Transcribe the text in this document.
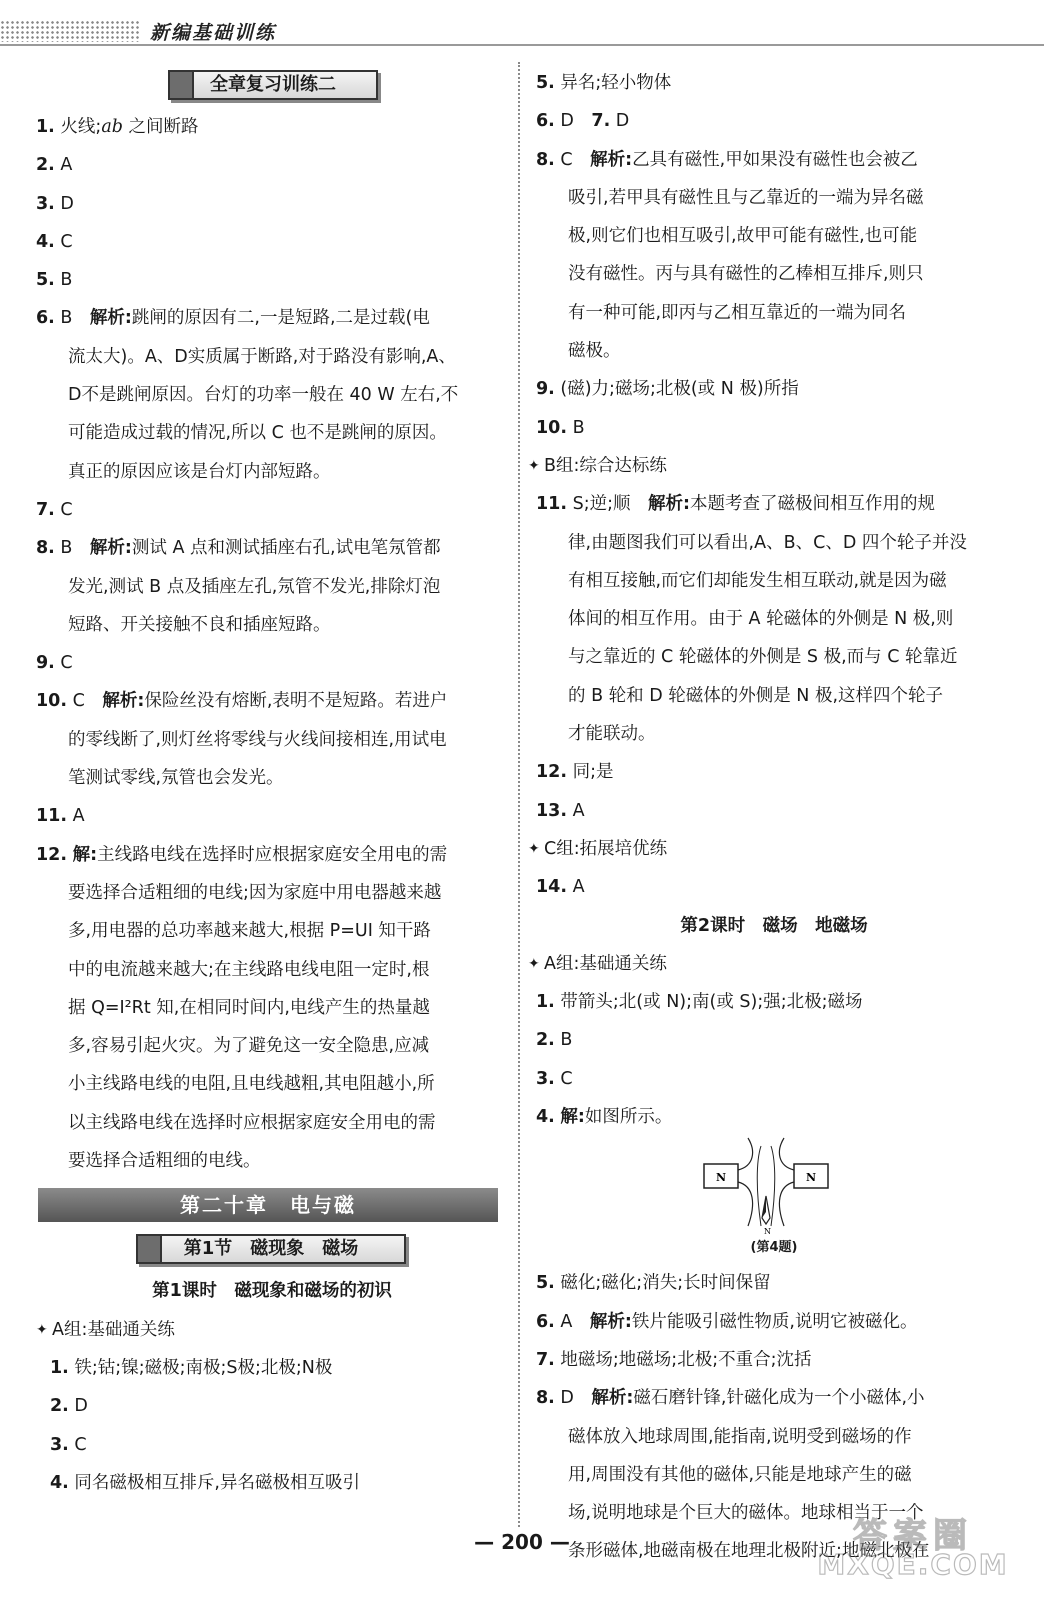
新编基础训练
全章复习训练二
1. 火线;ab 之间断路
2. A
3. D
4. C
5. B
6. B　 解析:跳闸的原因有二,一是短路,二是过载(电
流太大)。A、D实质属于断路,对于路没有影响,A、
D不是跳闸原因。台灯的功率一般在 40 W 左右,不
可能造成过载的情况,所以 C 也不是跳闸的原因。
真正的原因应该是台灯内部短路。
7. C
8. B　 解析:测试 A 点和测试插座右孔,试电笔氖管都
发光,测试 B 点及插座左孔,氖管不发光,排除灯泡
短路、开关接触不良和插座短路。
9. C
10. C　 解析:保险丝没有熔断,表明不是短路。若进户
的零线断了,则灯丝将零线与火线间接相连,用试电
笔测试零线,氖管也会发光。
11. A
12. 解:主线路电线在选择时应根据家庭安全用电的需
要选择合适粗细的电线;因为家庭中用电器越来越
多,用电器的总功率越来越大,根据 P=UI 知干路
中的电流越来越大;在主线路电线电阻一定时,根
据 Q=I²Rt 知,在相同时间内,电线产生的热量越
多,容易引起火灾。为了避免这一安全隐患,应减
小主线路电线的电阻,且电线越粗,其电阻越小,所
以主线路电线在选择时应根据家庭安全用电的需
要选择合适粗细的电线。
第二十章　电与磁
第1节　磁现象　磁场
第1课时　磁现象和磁场的初识
✦ A组:基础通关练
1. 铁;钴;镍;磁极;南极;S极;北极;N极
2. D
3. C
4. 同名磁极相互排斥,异名磁极相互吸引
5. 异名;轻小物体
6. D　 7. D
8. C　 解析:乙具有磁性,甲如果没有磁性也会被乙
吸引,若甲具有磁性且与乙靠近的一端为异名磁
极,则它们也相互吸引,故甲可能有磁性,也可能
没有磁性。丙与具有磁性的乙棒相互排斥,则只
有一种可能,即丙与乙相互靠近的一端为同名
磁极。
9. (磁)力;磁场;北极(或 N 极)所指
10. B
✦ B组:综合达标练
11. S;逆;顺　 解析:本题考查了磁极间相互作用的规
律,由题图我们可以看出,A、B、C、D 四个轮子并没
有相互接触,而它们却能发生相互联动,就是因为磁
体间的相互作用。由于 A 轮磁体的外侧是 N 极,则
与之靠近的 C 轮磁体的外侧是 S 极,而与 C 轮靠近
的 B 轮和 D 轮磁体的外侧是 N 极,这样四个轮子
才能联动。
12. 同;是
13. A
✦ C组:拓展培优练
14. A
第2课时　磁场　地磁场
✦ A组:基础通关练
1. 带箭头;北(或 N);南(或 S);强;北极;磁场
2. B
3. C
4. 解:如图所示。
N	N
N
(第4题)
5. 磁化;磁化;消失;长时间保留
6. A　 解析:铁片能吸引磁性物质,说明它被磁化。
7. 地磁场;地磁场;北极;不重合;沈括
8. D　 解析:磁石磨针锋,针磁化成为一个小磁体,小
磁体放入地球周围,能指南,说明受到磁场的作
用,周围没有其他的磁体,只能是地球产生的磁
场,说明地球是个巨大的磁体。地球相当于一个
条形磁体,地磁南极在地理北极附近;地磁北极在
— 200 —	答案圈
MXQE.COM
